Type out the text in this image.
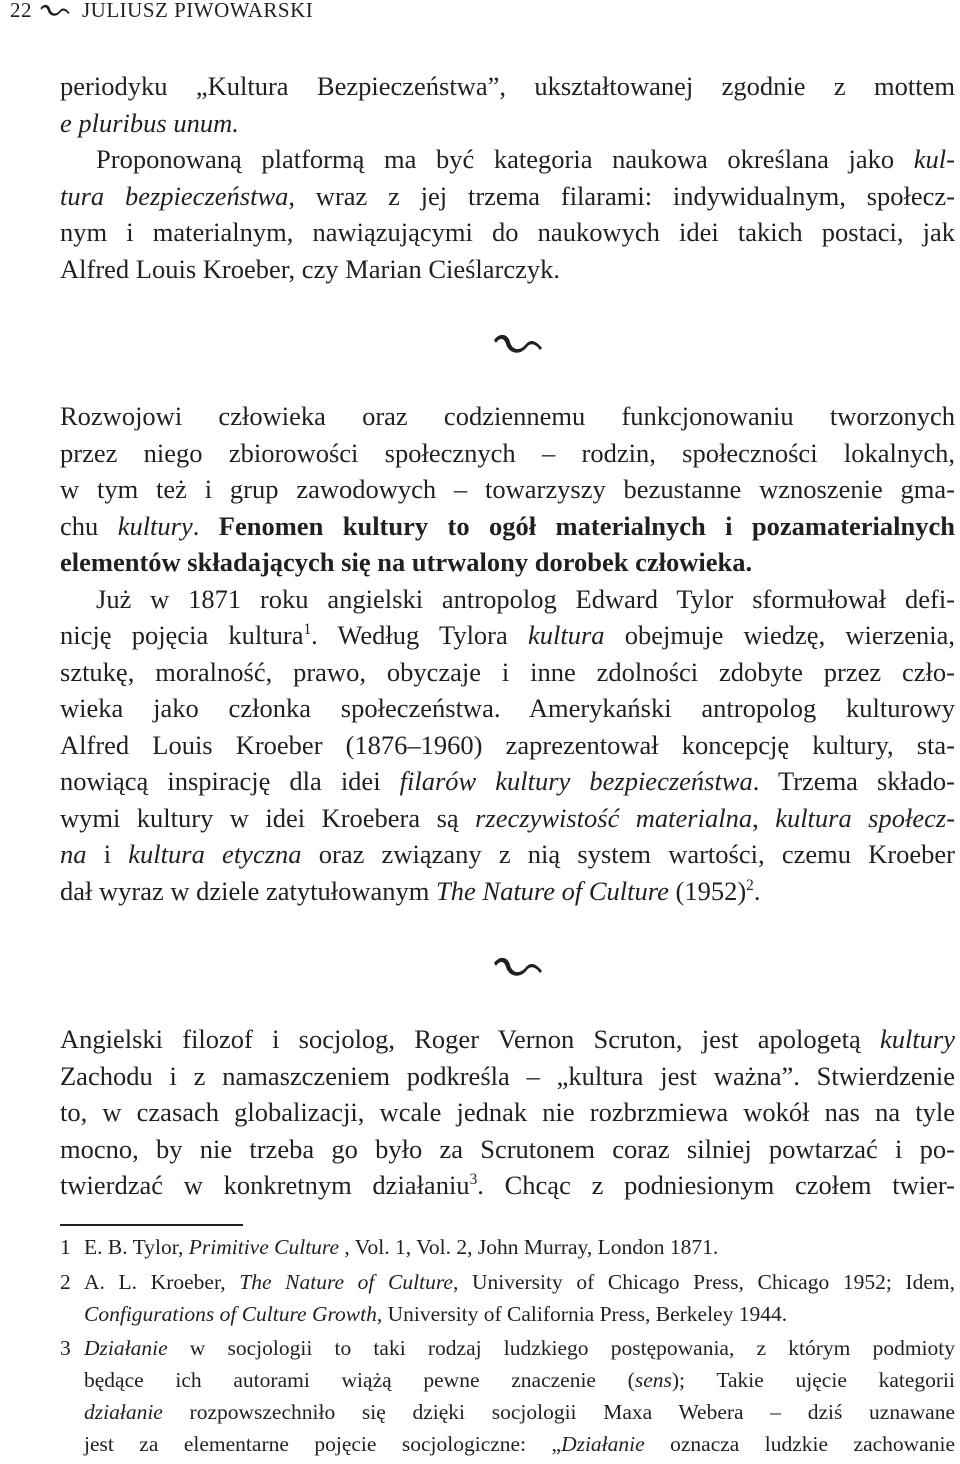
22 JULIUSZ PIWOWARSKI
periodyku „Kultura Bezpieczeństwa”, ukształtowanej zgodnie z mottem
e pluribus unum.
Proponowaną platformą ma być kategoria naukowa określana jako kul-
tura bezpieczeństwa, wraz z jej trzema filarami: indywidualnym, społecz-
nym i materialnym, nawiązującymi do naukowych idei takich postaci, jak
Alfred Louis Kroeber, czy Marian Cieślarczyk.
Rozwojowi człowieka oraz codziennemu funkcjonowaniu tworzonych
przez niego zbiorowości społecznych – rodzin, społeczności lokalnych,
w tym też i grup zawodowych – towarzyszy bezustanne wznoszenie gma-
chu kultury. Fenomen kultury to ogół materialnych i pozamaterialnych
elementów składających się na utrwalony dorobek człowieka.
Już w 1871 roku angielski antropolog Edward Tylor sformułował defi-
nicję pojęcia kultura$^1$. Według Tylora kultura obejmuje wiedzę, wierzenia,
sztukę, moralność, prawo, obyczaje i inne zdolności zdobyte przez czło-
wieka jako członka społeczeństwa. Amerykański antropolog kulturowy
Alfred Louis Kroeber (1876–1960) zaprezentował koncepcję kultury, sta-
nowiącą inspirację dla idei filarów kultury bezpieczeństwa. Trzema składo-
wymi kultury w idei Kroebera są rzeczywistość materialna, kultura społecz-
na i kultura etyczna oraz związany z nią system wartości, czemu Kroeber
dał wyraz w dziele zatytułowanym The Nature of Culture $(1952)^2$.
Angielski filozof i socjolog, Roger Vernon Scruton, jest apologetą kultury
Zachodu i z namaszczeniem podkreśla – „kultura jest ważna”. Stwierdzenie
to, w czasach globalizacji, wcale jednak nie rozbrzmiewa wokół nas na tyle
mocno, by nie trzeba go było za Scrutonem coraz silniej powtarzać i po-
twierdzać w konkretnym działaniu$^3$. Chcąc z podniesionym czołem twier-
1 E. B. Tylor, Primitive Culture , Vol. 1, Vol. 2, John Murray, London 1871.
2 A. L. Kroeber, The Nature of Culture, University of Chicago Press, Chicago 1952; Idem,
Configurations of Culture Growth, University of California Press, Berkeley 1944.
3 Działanie w socjologii to taki rodzaj ludzkiego postępowania, z którym podmioty
będące ich autorami wiążą pewne znaczenie (sens); Takie ujęcie kategorii
działanie rozpowszechniło się dzięki socjologii Maxa Webera – dziś uznawane
jest za elementarne pojęcie socjologiczne: „Działanie oznacza ludzkie zachowanie
